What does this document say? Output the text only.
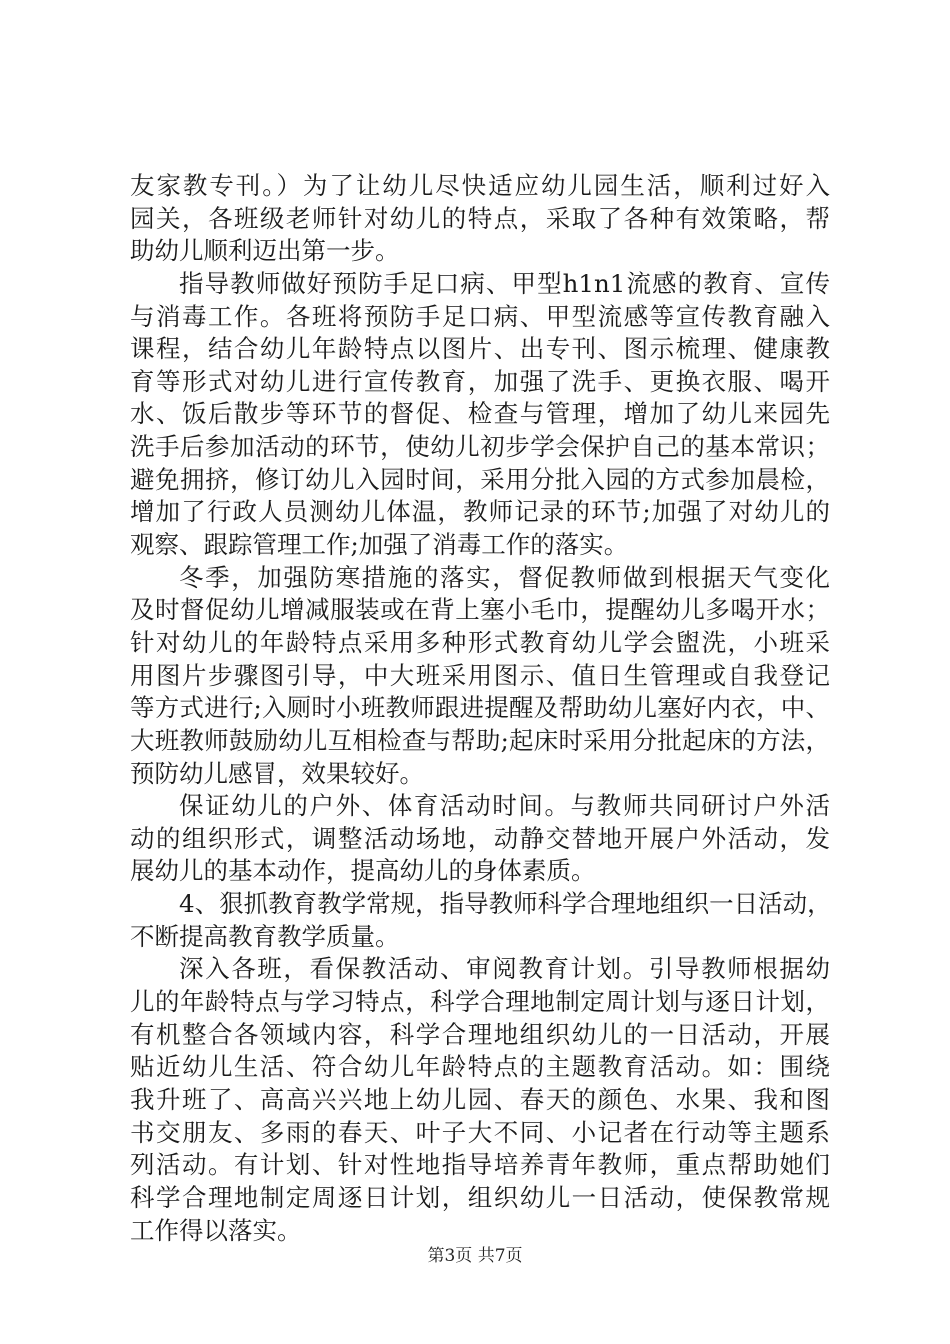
友家教专刊。）为了让幼儿尽快适应幼儿园生活，顺利过好入
园关，各班级老师针对幼儿的特点，采取了各种有效策略，帮
助幼儿顺利迈出第一步。
指导教师做好预防手足口病、甲型h1n1流感的教育、宣传
与消毒工作。各班将预防手足口病、甲型流感等宣传教育融入
课程，结合幼儿年龄特点以图片、出专刊、图示梳理、健康教
育等形式对幼儿进行宣传教育，加强了洗手、更换衣服、喝开
水、饭后散步等环节的督促、检查与管理，增加了幼儿来园先
洗手后参加活动的环节，使幼儿初步学会保护自己的基本常识；
避免拥挤，修订幼儿入园时间，采用分批入园的方式参加晨检，
增加了行政人员测幼儿体温，教师记录的环节;加强了对幼儿的
观察、跟踪管理工作;加强了消毒工作的落实。
冬季，加强防寒措施的落实，督促教师做到根据天气变化
及时督促幼儿增减服装或在背上塞小毛巾，提醒幼儿多喝开水；
针对幼儿的年龄特点采用多种形式教育幼儿学会盥洗，小班采
用图片步骤图引导，中大班采用图示、值日生管理或自我登记
等方式进行;入厕时小班教师跟进提醒及帮助幼儿塞好内衣，中、
大班教师鼓励幼儿互相检查与帮助;起床时采用分批起床的方法，
预防幼儿感冒，效果较好。
保证幼儿的户外、体育活动时间。与教师共同研讨户外活
动的组织形式，调整活动场地，动静交替地开展户外活动，发
展幼儿的基本动作，提高幼儿的身体素质。
4、狠抓教育教学常规，指导教师科学合理地组织一日活动，
不断提高教育教学质量。
深入各班，看保教活动、审阅教育计划。引导教师根据幼
儿的年龄特点与学习特点，科学合理地制定周计划与逐日计划，
有机整合各领域内容，科学合理地组织幼儿的一日活动，开展
贴近幼儿生活、符合幼儿年龄特点的主题教育活动。如：围绕
我升班了、高高兴兴地上幼儿园、春天的颜色、水果、我和图
书交朋友、多雨的春天、叶子大不同、小记者在行动等主题系
列活动。有计划、针对性地指导培养青年教师，重点帮助她们
科学合理地制定周逐日计划，组织幼儿一日活动，使保教常规
工作得以落实。
第3页 共7页
